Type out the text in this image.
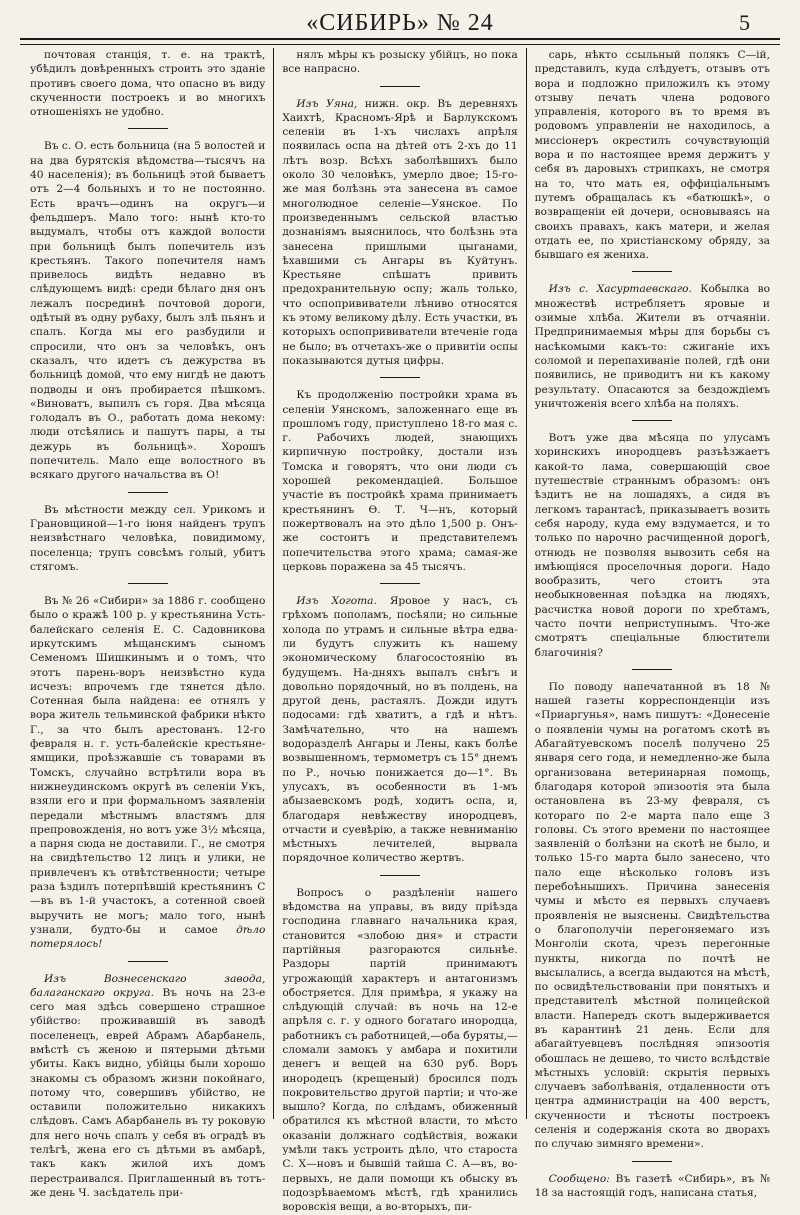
«СИБИРЬ» № 24	5

почтовая станція, т. е. на трактѣ, убѣдилъ довѣренныхъ строить это зданіе противъ своего дома, что опасно въ виду скученности построекъ и во многихъ отношеніяхъ не удобно.

Въ с. О. есть больница (на 5 волостей и на два бурятскія вѣдомства—тысячъ на 40 населенія); въ больницѣ этой бываетъ отъ 2—4 больныхъ и то не постоянно. Есть врачъ—одинъ на округъ—и фельдшеръ. Мало того: нынѣ кто-то выдумалъ, чтобы отъ каждой волости при больницѣ былъ попечитель изъ крестьянъ. Такого попечителя намъ привелось видѣть недавно въ слѣдующемъ видѣ: среди бѣлаго дня онъ лежалъ посрединѣ почтовой дороги, одѣтый въ одну рубаху, былъ злѣ пьянъ и спалъ. Когда мы его разбудили и спросили, что онъ за человѣкъ, онъ сказалъ, что идетъ съ дежурства въ больницѣ домой, что ему нигдѣ не даютъ подводы и онъ пробирается пѣшкомъ. «Виноватъ, выпилъ съ горя. Два мѣсяца голодалъ въ О., работать дома некому: люди отсѣялись и пашутъ пары, а ты дежурь въ больницѣ». Хорошъ попечитель. Мало еще волостного въ всякаго другого начальства въ О!

Въ мѣстности между сел. Урикомъ и Грановщиной—1-го іюня найденъ трупъ неизвѣстнаго человѣка, повидимому, поселенца; трупъ совсѣмъ голый, убитъ стягомъ.

Въ № 26 «Сибири» за 1886 г. сообщено было о кражѣ 100 р. у крестьянина Усть-балейскаго селенія Е. С. Садовникова иркутскимъ мѣщанскимъ сыномъ Семеномъ Шишкинымъ и о томъ, что этотъ парень-воръ неизвѣстно куда исчезъ: впрочемъ где тянется дѣло. Сотенная была найдена: ее отнялъ у вора житель тельминской фабрики нѣкто Г., за что былъ арестованъ. 12-го февраля н. г. усть-балейскіе крестьяне-ямщики, проѣзжавшіе съ товарами въ Томскъ, случайно встрѣтили вора въ нижнеудинскомъ округѣ въ селеніи Укъ, взяли его и при формальномъ заявленіи передали мѣстнымъ властямъ для препровожденія, но вотъ уже 3½ мѣсяца, а парня сюда не доставили. Г., не смотря на свидѣтельство 12 лицъ и улики, не привлеченъ къ отвѣтственности; четыре раза ѣздилъ потерпѣвшій крестьянинъ С—въ въ 1-й участокъ, а сотенной своей выручить не могъ; мало того, нынѣ узнали, будто-бы и самое дѣло потерялось!

Изъ Вознесенскаго завода, балаганскаго округа. Въ ночь на 23-е сего мая здѣсь совершено страшное убійство: проживавшій въ заводѣ поселенецъ, еврей Абрамъ Абарбанель, вмѣстѣ съ женою и пятерыми дѣтьми убиты. Какъ видно, убійцы были хорошо знакомы съ образомъ жизни покойнаго, потому что, совершивъ убійство, не оставили положительно никакихъ слѣдовъ. Самъ Абарбанель въ ту роковую для него ночь спалъ у себя въ оградѣ въ телѣгѣ, жена его съ дѣтьми въ амбарѣ, такъ какъ жилой ихъ домъ перестраивался. Приглашенный въ тотъ-же день Ч. засѣдатель при-

нялъ мѣры къ розыску убійцъ, но пока все напрасно.

Изъ Уяна, нижн. окр. Въ деревняхъ Хаихтѣ, Красномъ-Ярѣ и Барлукскомъ селеніи въ 1-хъ числахъ апрѣля появилась оспа на дѣтей отъ 2-хъ до 11 лѣтъ возр. Всѣхъ заболѣвшихъ было около 30 человѣкъ, умерло двое; 15-го-же мая болѣзнь эта занесена въ самое многолюдное селеніе—Уянское. По произведеннымъ сельской властью дознаніямъ выяснилось, что болѣзнь эта занесена пришлыми цыганами, ѣхавшими съ Ангары въ Куйтунъ. Крестьяне спѣшатъ привить предохранительную оспу; жаль только, что оспопрививатели лѣниво относятся къ этому великому дѣлу. Есть участки, въ которыхъ оспопрививатели втеченіе года не было; въ отчетахъ-же о привитіи оспы показываются дутыя цифры.

Къ продолженію постройки храма въ селеніи Уянскомъ, заложеннаго еще въ прошломъ году, приступлено 18-го мая с. г. Рабочихъ людей, знающихъ кирпичную постройку, достали изъ Томска и говорятъ, что они люди съ хорошей рекомендаціей. Большое участіе въ постройкѣ храма принимаетъ крестьянинъ Ө. Т. Ч—нъ, который пожертвовалъ на это дѣло 1,500 р. Онъ-же состоитъ и представителемъ попечительства этого храма; самая-же церковь поражена за 45 тысячъ.

Изъ Хогота. Яровое у насъ, съ грѣхомъ пополамъ, посѣяли; но сильные холода по утрамъ и сильные вѣтра едва-ли будутъ служить къ нашему экономическому благосостоянію въ будущемъ. На-дняхъ выпалъ снѣгъ и довольно порядочный, но въ полдень, на другой день, растаялъ. Дожди идутъ подосами: гдѣ хватитъ, а гдѣ и нѣтъ. Замѣчательно, что на нашемъ водоразделѣ Ангары и Лены, какъ болѣе возвышенномъ, термометръ съ 15° днемъ по Р., ночью понижается до—1°. Въ улусахъ, въ особенности въ 1-мъ абызаевскомъ родѣ, ходитъ оспа, и, благодаря невѣжеству инородцевъ, отчасти и суевѣрію, а также невниманію мѣстныхъ лечителей, вырвала порядочное количество жертвъ.

Вопросъ о раздѣленіи нашего вѣдомства на управы, въ виду пріѣзда господина главнаго начальника края, становится «злобою дня» и страсти партійныя разгораются сильнѣе. Раздоры партій принимаютъ угрожающій характеръ и антагонизмъ обостряется. Для примѣра, я укажу на слѣдующій случай: въ ночь на 12-е апрѣля с. г. у одного богатаго инородца, работникъ съ работницей,—оба буряты,—сломали замокъ у амбара и похитили денегъ и вещей на 630 руб. Воръ инородецъ (крещеный) бросился подъ покровительство другой партіи; и что-же вышло? Когда, по слѣдамъ, обиженный обратился къ мѣстной власти, то мѣсто оказаніи должнаго содѣйствія, вожаки умѣли такъ устроить дѣло, что староста С. Х—новъ и бывшій тайша С. А—въ, во-первыхъ, не дали помощи къ обыску въ подозрѣваемомъ мѣстѣ, гдѣ хранились воровскія вещи, а во-вторыхъ, пи-

сарь, нѣкто ссыльный полякъ С—ій, представилъ, куда слѣдуетъ, отзывъ отъ вора и подложно приложилъ къ этому отзыву печать члена родового управленія, которого въ то время въ родовомъ управленіи не находилось, а миссіонеръ окрестилъ сочувствующій вора и по настоящее время держитъ у себя въ даровыхъ стрипкахъ, не смотря на то, что мать ея, оффиціальнымъ путемъ обращалась къ «батюшкѣ», о возвращеніи ей дочери, основываясь на своихъ правахъ, какъ матери, и желая отдать ее, по христіанскому обряду, за бывшаго ея жениха.

Изъ с. Хасуртаевскаго. Кобылка во множествѣ истребляетъ яровые и озимые хлѣба. Жители въ отчаяніи. Предпринимаемыя мѣры для борьбы съ насѣкомыми какъ-то: сжиганіе ихъ соломой и перепахиваніе полей, гдѣ они появились, не приводитъ ни къ какому результату. Опасаются за бездождіемъ уничтоженія всего хлѣба на поляхъ.

Вотъ уже два мѣсяца по улусамъ хоринскихъ инородцевъ разъѣзжаетъ какой-то лама, совершающій свое путешествіе страннымъ образомъ: онъ ѣздитъ не на лошадяхъ, а сидя въ легкомъ тарантасѣ, приказываетъ возить себя народу, куда ему вздумается, и то только по нарочно расчищенной дорогѣ, отнюдь не позволяя вывозить себя на имѣющіяся проселочныя дороги. Надо вообразить, чего стоитъ эта необыкновенная поѣздка на людяхъ, расчистка новой дороги по хребтамъ, часто почти неприступнымъ. Что-же смотрятъ спеціальные блюстители благочинія?

По поводу напечатанной въ 18 № нашей газеты корреспонденціи изъ «Приаргунья», намъ пишутъ: «Донесеніе о появленіи чумы на рогатомъ скотѣ въ Абагайтуевскомъ поселѣ получено 25 января сего года, и немедленно-же была организована ветеринарная помощь, благодаря которой эпизоотія эта была остановлена въ 23-му февраля, съ котораго по 2-е марта пало еще 3 головы. Съ этого времени по настоящее заявленій о болѣзни на скотѣ не было, и только 15-го марта было занесено, что пало еще нѣсколько головъ изъ перебоѣнышихъ. Причина занесенія чумы и мѣсто ея первыхъ случаевъ проявленія не выяснены. Свидѣтельства о благополучіи перегоняемаго изъ Монголіи скота, чрезъ перегонные пункты, никогда по почтѣ не высылались, а всегда выдаются на мѣстѣ, по освидѣтельствованіи при понятыхъ и представителѣ мѣстной полицейской власти. Напередъ скотъ выдерживается въ карантинѣ 21 день. Если для абагайтуевцевъ послѣдняя эпизоотія обошлась не дешево, то чисто вслѣдствіе мѣстныхъ условій: скрытія первыхъ случаевъ заболѣванія, отдаленности отъ центра администраціи на 400 верстъ, скученности и тѣсноты построекъ селенія и содержанія скота во дворахъ по случаю зимняго времени».

Сообщено: Въ газетѣ «Сибирь», въ № 18 за настоящій годъ, написана статья,
